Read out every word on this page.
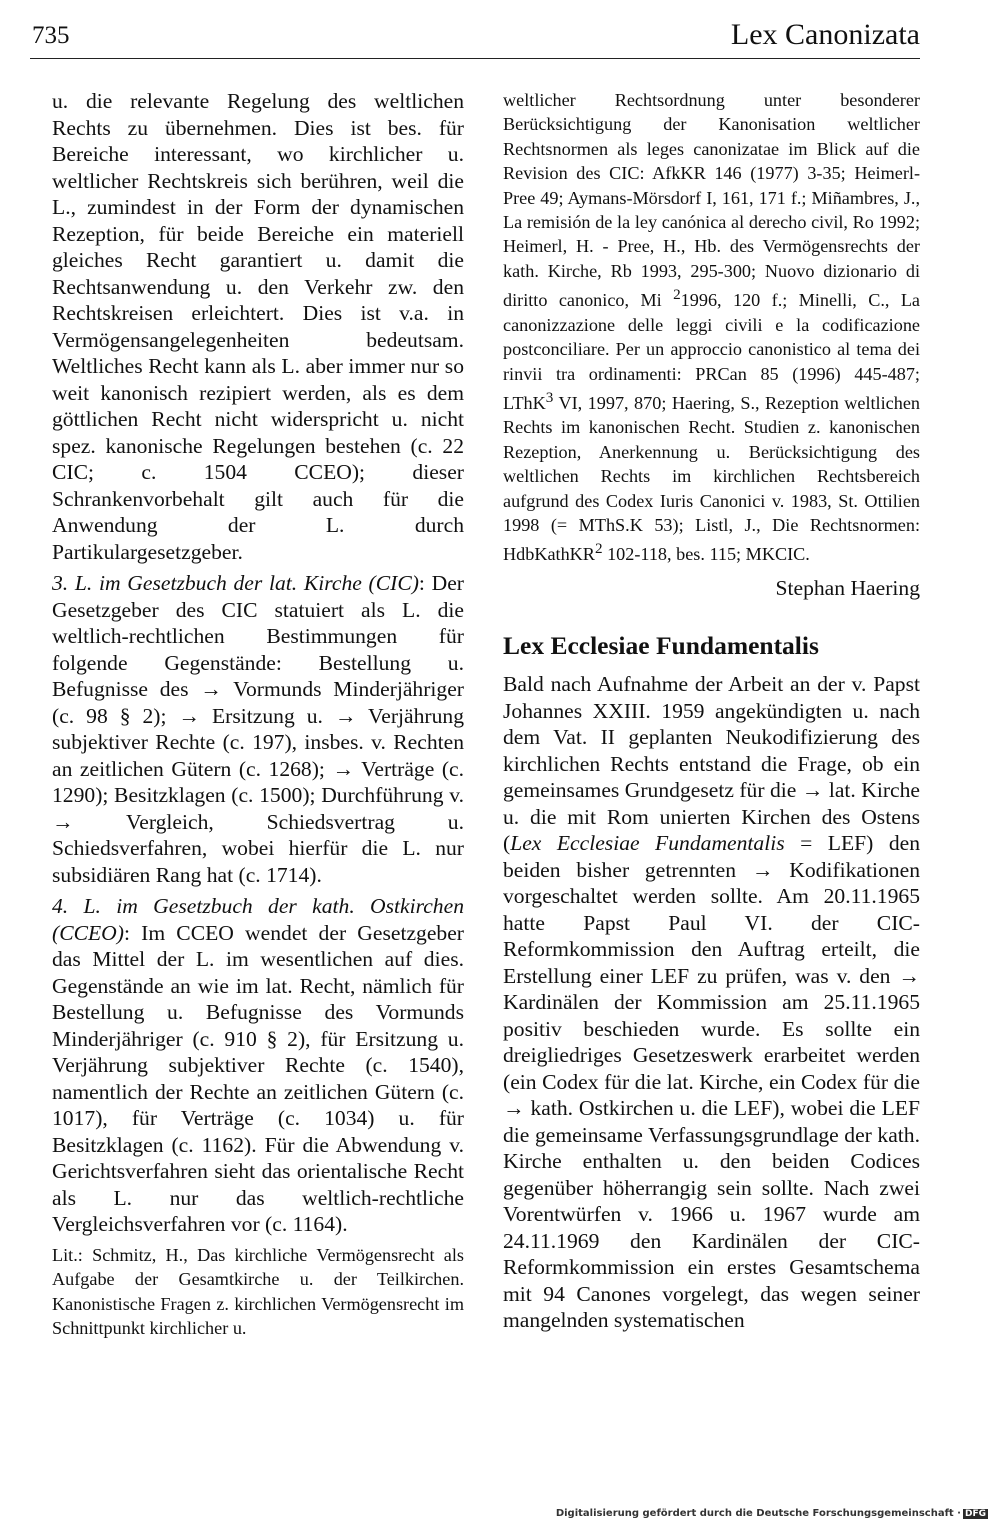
735	Lex Canonizata

u. die relevante Regelung des weltlichen Rechts zu übernehmen. Dies ist bes. für Bereiche interessant, wo kirchlicher u. weltlicher Rechtskreis sich berühren, weil die L., zumindest in der Form der dynamischen Rezeption, für beide Bereiche ein materiell gleiches Recht garantiert u. damit die Rechtsanwendung u. den Verkehr zw. den Rechtskreisen erleichtert. Dies ist v.a. in Vermögensangelegenheiten bedeutsam. Weltliches Recht kann als L. aber immer nur so weit kanonisch rezipiert werden, als es dem göttlichen Recht nicht widerspricht u. nicht spez. kanonische Regelungen bestehen (c. 22 CIC; c. 1504 CCEO); dieser Schrankenvorbehalt gilt auch für die Anwendung der L. durch Partikulargesetzgeber.

3. L. im Gesetzbuch der lat. Kirche (CIC): Der Gesetzgeber des CIC statuiert als L. die weltlich-rechtlichen Bestimmungen für folgende Gegenstände: Bestellung u. Befugnisse des → Vormunds Minderjähriger (c. 98 § 2); → Ersitzung u. → Verjährung subjektiver Rechte (c. 197), insbes. v. Rechten an zeitlichen Gütern (c. 1268); → Verträge (c. 1290); Besitzklagen (c. 1500); Durchführung v. → Vergleich, Schiedsvertrag u. Schiedsverfahren, wobei hierfür die L. nur subsidiären Rang hat (c. 1714).

4. L. im Gesetzbuch der kath. Ostkirchen (CCEO): Im CCEO wendet der Gesetzgeber das Mittel der L. im wesentlichen auf dies. Gegenstände an wie im lat. Recht, nämlich für Bestellung u. Befugnisse des Vormunds Minderjähriger (c. 910 § 2), für Ersitzung u. Verjährung subjektiver Rechte (c. 1540), namentlich der Rechte an zeitlichen Gütern (c. 1017), für Verträge (c. 1034) u. für Besitzklagen (c. 1162). Für die Abwendung v. Gerichtsverfahren sieht das orientalische Recht als L. nur das weltlich-rechtliche Vergleichsverfahren vor (c. 1164).

Lit.: Schmitz, H., Das kirchliche Vermögensrecht als Aufgabe der Gesamtkirche u. der Teilkirchen. Kanonistische Fragen z. kirchlichen Vermögensrecht im Schnittpunkt kirchlicher u.

weltlicher Rechtsordnung unter besonderer Berücksichtigung der Kanonisation weltlicher Rechtsnormen als leges canonizatae im Blick auf die Revision des CIC: AfkKR 146 (1977) 3-35; Heimerl-Pree 49; Aymans-Mörsdorf I, 161, 171 f.; Miñambres, J., La remisión de la ley canónica al derecho civil, Ro 1992; Heimerl, H. - Pree, H., Hb. des Vermögensrechts der kath. Kirche, Rb 1993, 295-300; Nuovo dizionario di diritto canonico, Mi $^2$1996, 120 f.; Minelli, C., La canonizzazione delle leggi civili e la codificazione postconciliare. Per un approccio canonistico al tema dei rinvii tra ordinamenti: PRCan 85 (1996) 445-487; LThK$^3$ VI, 1997, 870; Haering, S., Rezeption weltlichen Rechts im kanonischen Recht. Studien z. kanonischen Rezeption, Anerkennung u. Berücksichtigung des weltlichen Rechts im kirchlichen Rechtsbereich aufgrund des Codex Iuris Canonici v. 1983, St. Ottilien 1998 (= MThS.K 53); Listl, J., Die Rechtsnormen: HdbKathKR$^2$ 102-118, bes. 115; MKCIC.

Stephan Haering

Lex Ecclesiae Fundamentalis

Bald nach Aufnahme der Arbeit an der v. Papst Johannes XXIII. 1959 angekündigten u. nach dem Vat. II geplanten Neukodifizierung des kirchlichen Rechts entstand die Frage, ob ein gemeinsames Grundgesetz für die → lat. Kirche u. die mit Rom unierten Kirchen des Ostens (Lex Ecclesiae Fundamentalis = LEF) den beiden bisher getrennten → Kodifikationen vorgeschaltet werden sollte. Am 20.11.1965 hatte Papst Paul VI. der CIC-Reformkommission den Auftrag erteilt, die Erstellung einer LEF zu prüfen, was v. den → Kardinälen der Kommission am 25.11.1965 positiv beschieden wurde. Es sollte ein dreigliedriges Gesetzeswerk erarbeitet werden (ein Codex für die lat. Kirche, ein Codex für die → kath. Ostkirchen u. die LEF), wobei die LEF die gemeinsame Verfassungsgrundlage der kath. Kirche enthalten u. den beiden Codices gegenüber höherrangig sein sollte. Nach zwei Vorentwürfen v. 1966 u. 1967 wurde am 24.11.1969 den Kardinälen der CIC-Reformkommission ein erstes Gesamtschema mit 94 Canones vorgelegt, das wegen seiner mangelnden systematischen

Digitalisierung gefördert durch die Deutsche Forschungsgemeinschaft · DFG
